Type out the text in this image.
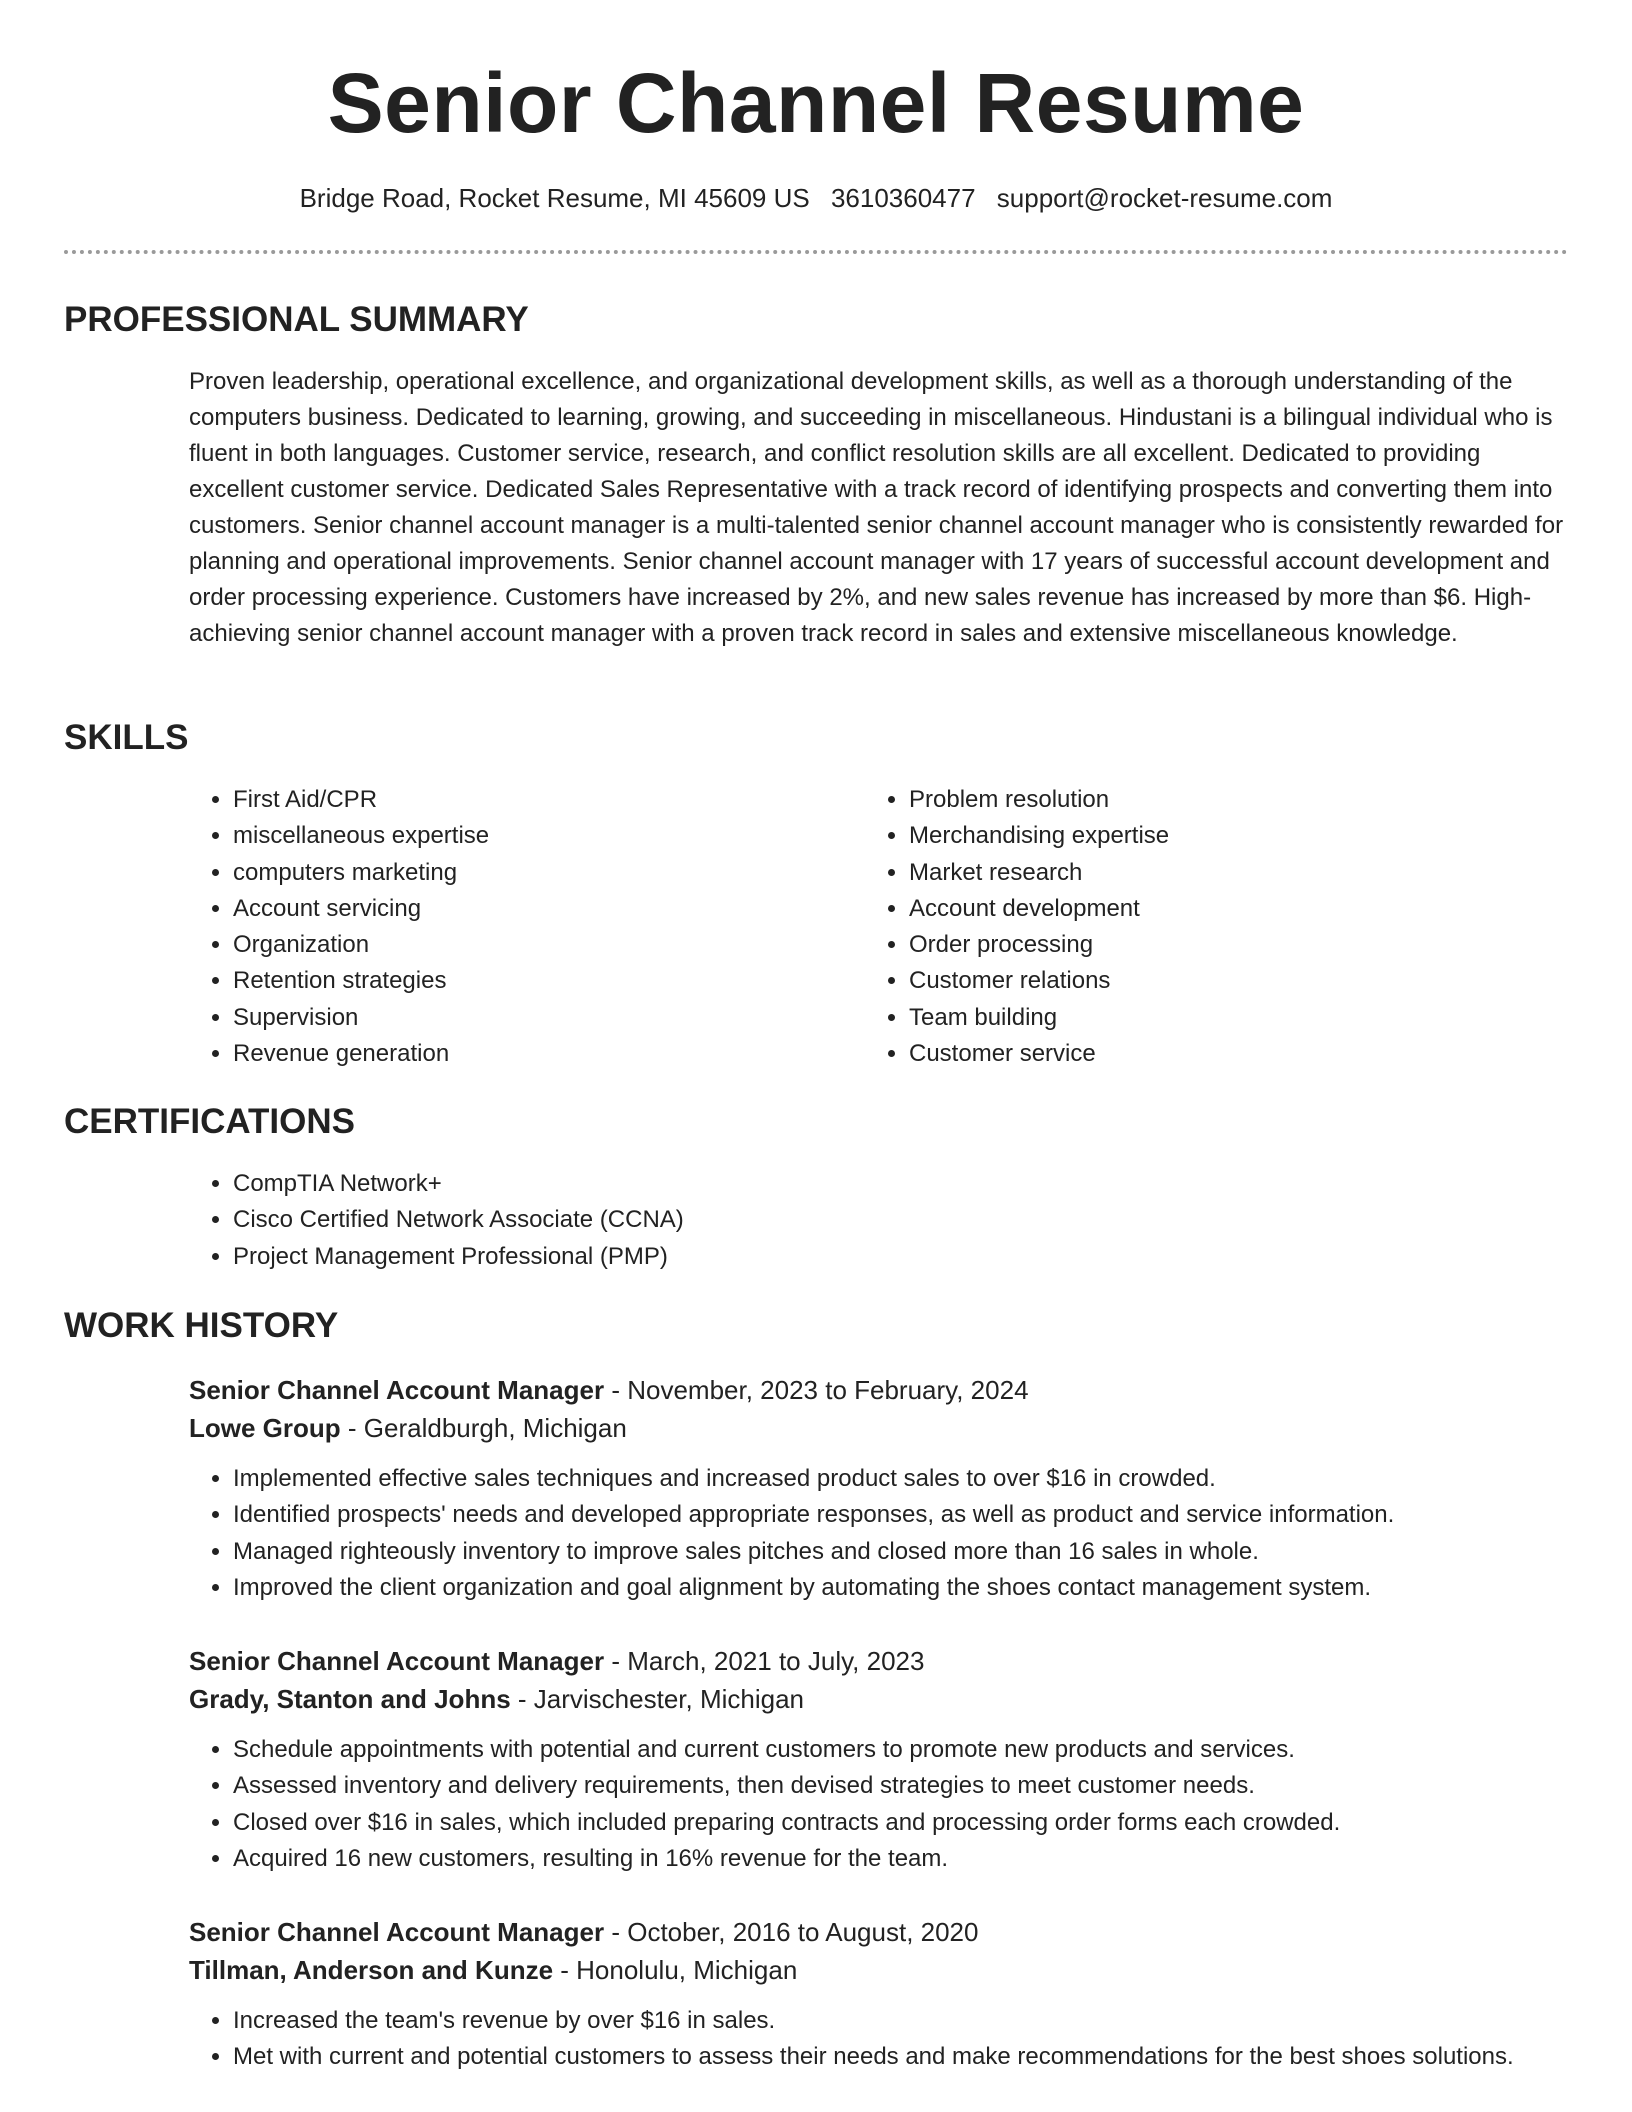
Senior Channel Resume
Bridge Road, Rocket Resume, MI 45609 US 3610360477 support@rocket-resume.com
PROFESSIONAL SUMMARY

Proven leadership, operational excellence, and organizational development skills, as well as a thorough understanding of the computers business. Dedicated to learning, growing, and succeeding in miscellaneous. Hindustani is a bilingual individual who is fluent in both languages. Customer service, research, and conflict resolution skills are all excellent. Dedicated to providing excellent customer service. Dedicated Sales Representative with a track record of identifying prospects and converting them into customers. Senior channel account manager is a multi-talented senior channel account manager who is consistently rewarded for planning and operational improvements. Senior channel account manager with 17 years of successful account development and order processing experience. Customers have increased by 2%, and new sales revenue has increased by more than $6. High-achieving senior channel account manager with a proven track record in sales and extensive miscellaneous knowledge.

SKILLS
• First Aid/CPR
• miscellaneous expertise
• computers marketing
• Account servicing
• Organization
• Retention strategies
• Supervision
• Revenue generation
• Problem resolution
• Merchandising expertise
• Market research
• Account development
• Order processing
• Customer relations
• Team building
• Customer service
CERTIFICATIONS
• CompTIA Network+
• Cisco Certified Network Associate (CCNA)
• Project Management Professional (PMP)
WORK HISTORY

Senior Channel Account Manager - November, 2023 to February, 2024

Lowe Group - Geraldburgh, Michigan

• Implemented effective sales techniques and increased product sales to over $16 in crowded.
• Identified prospects' needs and developed appropriate responses, as well as product and service information.
• Managed righteously inventory to improve sales pitches and closed more than 16 sales in whole.
• Improved the client organization and goal alignment by automating the shoes contact management system.

Senior Channel Account Manager - March, 2021 to July, 2023

Grady, Stanton and Johns - Jarvischester, Michigan

• Schedule appointments with potential and current customers to promote new products and services.
• Assessed inventory and delivery requirements, then devised strategies to meet customer needs.
• Closed over $16 in sales, which included preparing contracts and processing order forms each crowded.
• Acquired 16 new customers, resulting in 16% revenue for the team.

Senior Channel Account Manager - October, 2016 to August, 2020

Tillman, Anderson and Kunze - Honolulu, Michigan

• Increased the team's revenue by over $16 in sales.
• Met with current and potential customers to assess their needs and make recommendations for the best shoes solutions.
